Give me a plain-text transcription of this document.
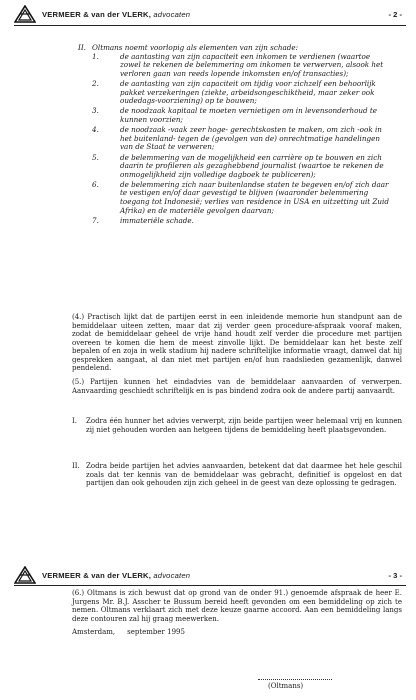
VERMEER & van der VLERK, advocaten	- 2 -
II. Oltmans noemt voorlopig als elementen van zijn schade:
1.	de aantasting van zijn capaciteit een inkomen te verdienen (waartoe zowel te rekenen de belemmering om inkomen te verwerven, alsook het verloren gaan van reeds lopende inkomsten en/of transacties);
2.	de aantasting van zijn capaciteit om tijdig voor zichzelf een behoorlijk pakket verzekeringen (ziekte, arbeidsongeschiktheid, maar zeker ook oudedags-voorziening) op te bouwen;
3.	de noodzaak kapitaal te moeten vernietigen om in levensonderhoud te kunnen voorzien;
4.	de noodzaak -vaak zeer hoge- gerechtskosten te maken, om zich -ook in het buitenland- tegen de (gevolgen van de) onrechtmatige handelingen van de Staat te verweren;
5.	de belemmering van de mogelijkheid een carrière op te bouwen en zich daarin te profileren als gezaghebbend journalist (waartoe te rekenen de onmogelijkheid zijn volledige dagboek te publiceren);
6.	de belemmering zich naar buitenlandse staten te begeven en/of zich daar te vestigen en/of daar gevestigd te blijven (waaronder belemmering toegang tot Indonesië; verlies van residence in USA en uitzetting uit Zuid Afrika) en de materiële gevolgen daarvan;
7.	immateriële schade.

(4.) Practisch lijkt dat de partijen eerst in een inleidende memorie hun standpunt aan de bemiddelaar uiteen zetten, maar dat zij verder geen procedure-afspraak vooraf maken, zodat de bemiddelaar geheel de vrije hand houdt zelf verder die procedure met partijen overeen te komen die hem de meest zinvolle lijkt. De bemiddelaar kan het beste zelf bepalen of en zoja in welk stadium hij nadere schriftelijke informatie vraagt, danwel dat hij gesprekken aangaat, al dan niet met partijen en/of hun raadslieden gezamenlijk, danwel pendelend.

(5.) Partijen kunnen het eindadvies van de bemiddelaar aanvaarden of verwerpen. Aanvaarding geschiedt schriftelijk en is pas bindend zodra ook de andere partij aanvaardt.

I. Zodra één hunner het advies verwerpt, zijn beide partijen weer helemaal vrij en kunnen zij niet gehouden worden aan hetgeen tijdens de bemiddeling heeft plaatsgevonden.
II. Zodra beide partijen het advies aanvaarden, betekent dat dat daarmee het hele geschil zoals dat ter kennis van de bemiddelaar was gebracht, definitief is opgelost en dat partijen dan ook gehouden zijn zich geheel in de geest van deze oplossing te gedragen.
VERMEER & van der VLERK, advocaten	- 3 -

(6.) Oltmans is zich bewust dat op grond van de onder 91.) genoemde afspraak de heer E. Jurgens Mr. B.J. Asscher te Bussum bereid heeft gevonden om een bemiddeling op zich te nemen. Oltmans verklaart zich met deze keuze gaarne accoord. Aan een bemiddeling langs deze contouren zal hij graag meewerken.

Amsterdam, september 1995
(Oltmans)
